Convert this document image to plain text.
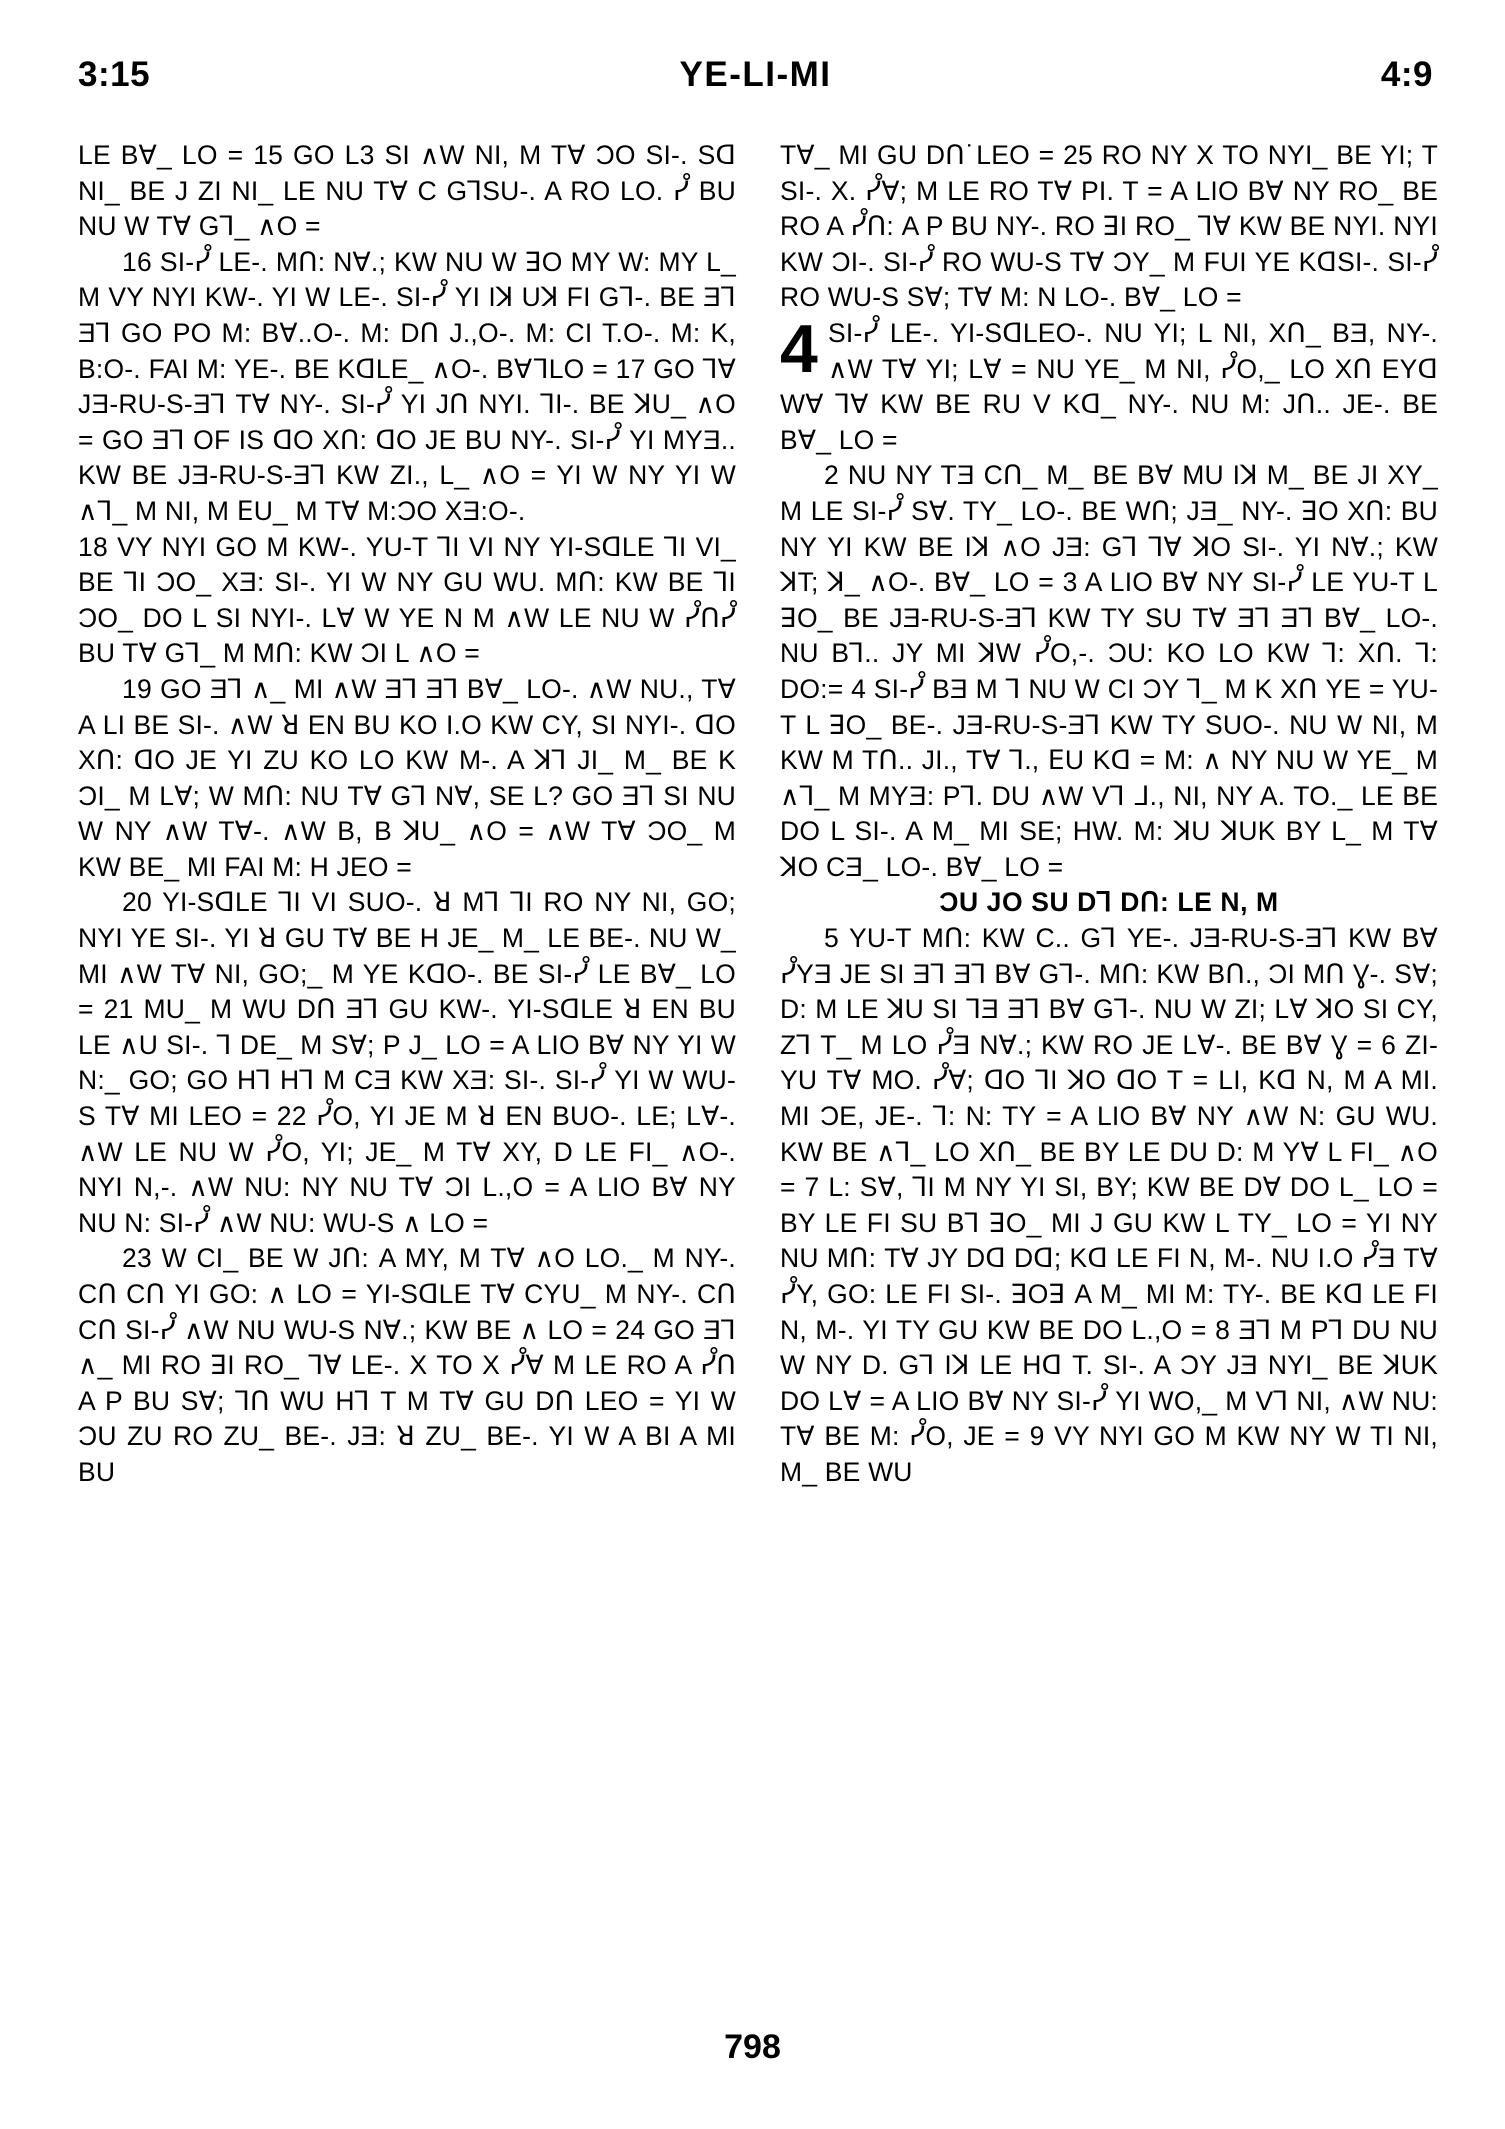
3:15	YE-LI-MI	4:9

LE B∀_ LO = 15 GO L3 SI ∧W NI, M T∀ ƆO SI-. Sꓷ NI_ BE Ј ZI NI_ LE NU T∀ C GꓶSU-. A RO LO. ᓮ BU NU W T∀ Gꓶ_ ∧O =

16 SI-ᓮ LE-. MՈ: N∀.; KW NU W ꓱO MY W: MY L_ M VY NYI KW-. YI W LE-. SI-ᓮ YI Iꓘ Uꓘ FI Gꓶ-. BE Ǝꓶ Ǝꓶ GO PO M: B∀..O-. M: DՈ Ј.,O-. M: CI T.O-. M: K, B:O-. FAI M: YE-. BE KꓷLE_ ∧O-. B∀ᒣLO = 17 GO ꓶ∀ ЈƎ-RU-S-Ǝꓶ T∀ NY-. SI-ᓮ YI JՈ NYI. ꓶI-. BE ꓘU_ ∧O = GO Ǝꓶ OF IS ꓷO XՈ: ꓷO JE BU NY-. SI-ᓮ YI MYƎ.. KW BE ЈƎ-RU-S-Ǝꓶ KW ZI., L_ ∧O = YI W NY YI W ∧ꓶ_ M NI, M ꓰU_ M T∀ M:ƆO XƎ:O-.

18 VY NYI GO M KW-. YU-T ꓶI VI NY YI-SꓷLE ꓶI VI_ BE ꓶI ƆO_ XƎ: SI-. YI W NY GU WU. MՈ: KW BE ꓶI ƆO_ DO L SI NYI-. L∀ W YE N M ∧W LE NU W ᓮՈᓮ BU T∀ Gꓶ_ M MՈ: KW ƆI L ∧O =

19 GO Ǝꓶ ∧_ MI ∧W Ǝꓶ Ǝꓶ B∀_ LO-. ∧W NU., T∀ A LI BE SI-. ∧W ꓤ EN BU KO I.O KW CY, SI NYI-. ꓷO XՈ: ꓷO JE YI ZU KO LO KW M-. A ꓘꓶ JI_ M_ BE K ƆI_ M L∀; W MՈ: NU T∀ Gꓶ N∀, SE L? GO Ǝꓶ SI NU W NY ∧W T∀-. ∧W B, B ꓘU_ ∧O = ∧W T∀ ƆO_ M KW BE_ MI FAI M: H JEO =

20 YI-SꓷLE ꓶI VI SUO-. ꓤ Mꓶ ꓶI RO NY NI, GO; NYI YE SI-. YI ꓤ GU T∀ BE H JE_ M_ LE BE-. NU W_ MI ∧W T∀ NI, GO;_ M YE KꓷO-. BE SI-ᓮ LE B∀_ LO = 21 MU_ M WU DՈ Ǝꓶ GU KW-. YI-SꓷLE ꓤ EN BU LE ∧U SI-. ꓶ DE_ M S∀; P Ј_ LO = A LIO B∀ NY YI W N:_ GO; GO Hꓶ Hꓶ M CƎ KW XƎ: SI-. SI-ᓮ YI W WU-S T∀ MI LEO = 22 ᓮO, YI JE M ꓤ EN BUO-. LE; L∀-. ∧W LE NU W ᓮO, YI; JE_ M T∀ XY, D LE FI_ ∧O-. NYI N,-. ∧W NU: NY NU T∀ ƆI L.,O = A LIO B∀ NY NU N: SI-ᓮ ∧W NU: WU-S ∧ LO =

23 W CI_ BE W JՈ: A MY, M T∀ ∧O LO._ M NY-. CՈ CՈ YI GO: ∧ LO = YI-SꓷLE T∀ CYU_ M NY-. CՈ CՈ SI-ᓮ ∧W NU WU-S N∀.; KW BE ∧ LO = 24 GO Ǝꓶ ∧_ MI RO ꓱI RO_ ꓶ∀ LE-. X TO X ᓮ∀ M LE RO A ᓮՈ A P BU S∀; ꓶՈ WU Hꓶ T M T∀ GU DՈ LEO = YI W ƆU ZU RO ZU_ BE-. JƎ: ꓤ ZU_ BE-. YI W A BI A MI BU

T∀_ MI GU DՈ˙LEO = 25 RO NY X TO NYI_ BE YI; T SI-. X. ᓮ∀; M LE RO T∀ PI. T = A LIO B∀ NY RO_ BE RO A ᓮՈ: A P BU NY-. RO ꓱI RO_ ꓶ∀ KW BE NYI. NYI KW ƆI-. SI-ᓮ RO WU-S T∀ ƆY_ M FUI YE KꓷSI-. SI-ᓮ RO WU-S S∀; T∀ M: N LO-. B∀_ LO =

4 SI-ᓮ LE-. YI-SꓷLEO-. NU YI; L NI, XՈ_ BƎ, NY-. ∧W T∀ YI; L∀ = NU YE_ M NI, ᓮO,_ LO XՈ EYꓷ W∀ ꓶ∀ KW BE RU V Kꓷ_ NY-. NU M: JՈ.. JE-. BE B∀_ LO =

2 NU NY TƎ CՈ_ M_ BE B∀ MU Iꓘ M_ BE JI XY_ M LE SI-ᓮ S∀. TY_ LO-. BE WՈ; JƎ_ NY-. ꓱO XՈ: BU NY YI KW BE Iꓘ ∧O JƎ: Gꓶ ꓶ∀ ꓘO SI-. YI N∀.; KW ꓘT; ꓘ_ ∧O-. B∀_ LO = 3 A LIO B∀ NY SI-ᓮ LE YU-T L ꓱO_ BE ЈƎ-RU-S-Ǝꓶ KW TY SU T∀ Ǝꓶ Ǝꓶ B∀_ LO-. NU Bꓶ.. JY MI ꓘW ᓮO,-. ƆU: KO LO KW ꓶ: XՈ. ꓶ: DO:= 4 SI-ᓮ BƎ M ꓶ NU W CI ƆY ꓶ_ M K XՈ YE = YU-T L ꓱO_ BE-. ЈƎ-RU-S-Ǝꓶ KW TY SUO-. NU W NI, M KW M TՈ.. JI., T∀ ꓶ., ꓰU Kꓷ = M: ∧ NY NU W YE_ M ∧ꓶ_ M MYƎ: Pꓶ. DU ∧W Vꓶ ᒧ., NI, NY A. TO._ LE BE DO L SI-. A M_ MI SE; HW. M: ꓘU ꓘUK BY L_ M T∀ ꓘO CƎ_ LO-. B∀_ LO =

ƆU JO SU Dꓶ DՈ: LE N, M

5 YU-T MՈ: KW C.. Gꓶ YE-. ЈƎ-RU-S-Ǝꓶ KW B∀ ᓮYƎ JE SI Ǝꓶ Ǝꓶ B∀ Gꓶ-. MՈ: KW BՈ., ƆI MՈ Ɣ-. S∀; D: M LE ꓘU SI ꓶƎ Ǝꓶ B∀ Gꓶ-. NU W ZI; L∀ ꓘO SI CY, Zꓶ T_ M LO ᓮƎ N∀.; KW RO JE L∀-. BE B∀ Ɣ = 6 ZI-YU T∀ MO. ᓮ∀; ꓷO ꓶI ꓘO ꓷO T = LI, Kꓷ N, M A MI. MI ƆE, JE-. ꓶ: N: TY = A LIO B∀ NY ∧W N: GU WU. KW BE ∧ꓶ_ LO XՈ_ BE BY LE DU D: M Y∀ L FI_ ∧O = 7 L: S∀, ꓶI M NY YI SI, BY; KW BE D∀ DO L_ LO = BY LE FI SU Bꓶ ꓱO_ MI Ј GU KW L TY_ LO = YI NY NU MՈ: T∀ JY Dꓷ Dꓷ; Kꓷ LE FI N, M-. NU I.O ᓮƎ T∀ ᓮY, GO: LE FI SI-. ꓱOꓱ A M_ MI M: TY-. BE Kꓷ LE FI N, M-. YI TY GU KW BE DO L.,O = 8 Ǝꓶ M Pꓶ DU NU W NY D. Gꓶ Iꓘ LE Hꓷ T. SI-. A ƆY JƎ NYI_ BE ꓘUK DO L∀ = A LIO B∀ NY SI-ᓮ YI WO,_ M Vꓶ NI, ∧W NU: T∀ BE M: ᓮO, JE = 9 VY NYI GO M KW NY W TI NI, M_ BE WU

798
